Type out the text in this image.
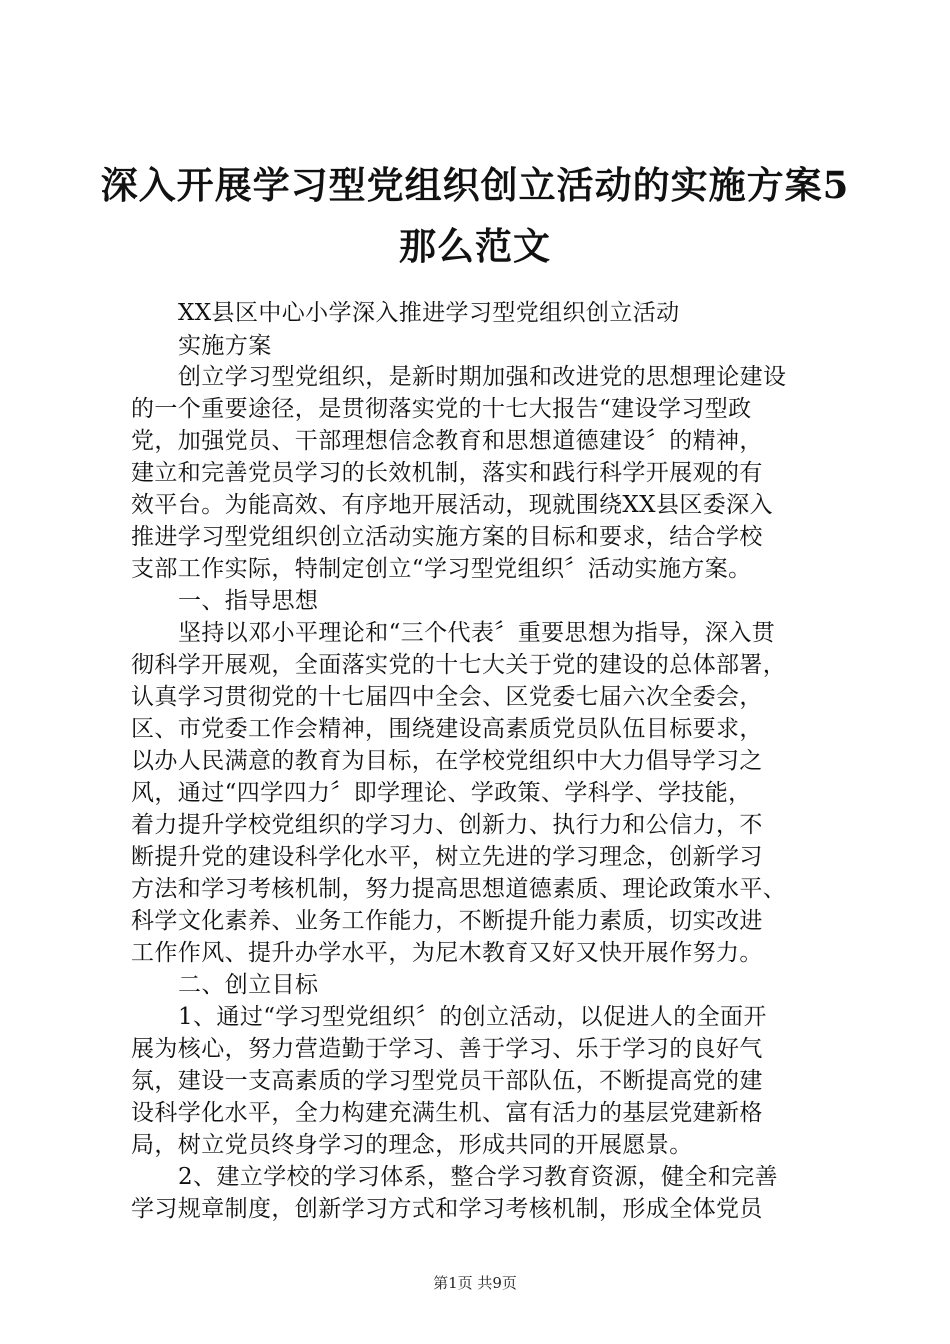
深入开展学习型党组织创立活动的实施方案5
那么范文
XX县区中心小学深入推进学习型党组织创立活动
实施方案
创立学习型党组织，是新时期加强和改进党的思想理论建设
的一个重要途径，是贯彻落实党的十七大报告“建设学习型政
党，加强党员、干部理想信念教育和思想道德建设〞的精神，
建立和完善党员学习的长效机制，落实和践行科学开展观的有
效平台。为能高效、有序地开展活动，现就围绕XX县区委深入
推进学习型党组织创立活动实施方案的目标和要求，结合学校
支部工作实际，特制定创立“学习型党组织〞活动实施方案。
一、指导思想
坚持以邓小平理论和“三个代表〞重要思想为指导，深入贯
彻科学开展观，全面落实党的十七大关于党的建设的总体部署，
认真学习贯彻党的十七届四中全会、区党委七届六次全委会，
区、市党委工作会精神，围绕建设高素质党员队伍目标要求，
以办人民满意的教育为目标，在学校党组织中大力倡导学习之
风，通过“四学四力〞即学理论、学政策、学科学、学技能，
着力提升学校党组织的学习力、创新力、执行力和公信力，不
断提升党的建设科学化水平，树立先进的学习理念，创新学习
方法和学习考核机制，努力提高思想道德素质、理论政策水平、
科学文化素养、业务工作能力，不断提升能力素质，切实改进
工作作风、提升办学水平，为尼木教育又好又快开展作努力。
二、创立目标
1、通过“学习型党组织〞的创立活动，以促进人的全面开
展为核心，努力营造勤于学习、善于学习、乐于学习的良好气
氛，建设一支高素质的学习型党员干部队伍，不断提高党的建
设科学化水平，全力构建充满生机、富有活力的基层党建新格
局，树立党员终身学习的理念，形成共同的开展愿景。
2、建立学校的学习体系，整合学习教育资源，健全和完善
学习规章制度，创新学习方式和学习考核机制，形成全体党员
第1页 共9页
